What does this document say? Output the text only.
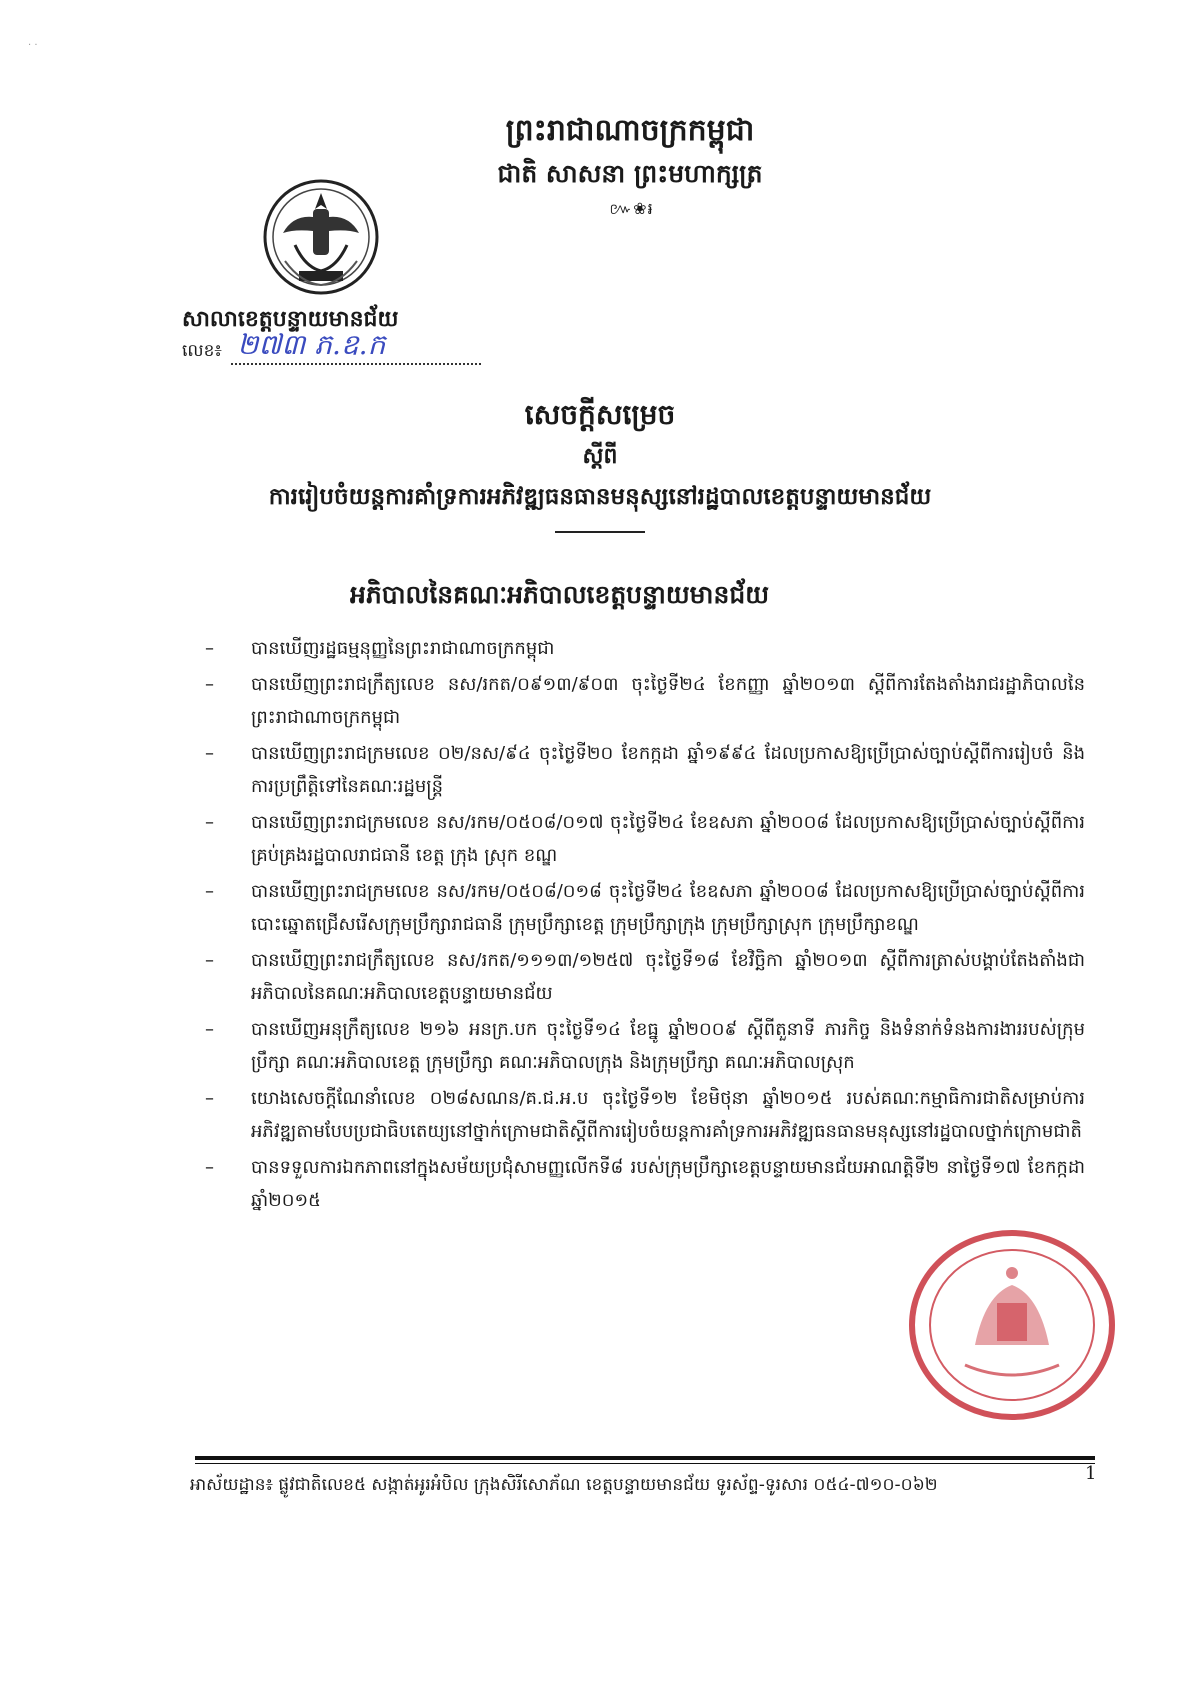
· ·
ព្រះរាជាណាចក្រកម្ពុជា
ជាតិ សាសនា ព្រះមហាក្សត្រ
៚ ❀ ៛
សាលាខេត្តបន្ទាយមានជ័យ
លេខ៖ ២៧៣ ភ.ឧ.ក
សេចក្តីសម្រេច
ស្តីពី
ការរៀបចំយន្តការគាំទ្រការអភិវឌ្ឍធនធានមនុស្សនៅរដ្ឋបាលខេត្តបន្ទាយមានជ័យ
អភិបាលនៃគណៈអភិបាលខេត្តបន្ទាយមានជ័យ
–	បានឃើញរដ្ឋធម្មនុញ្ញនៃព្រះរាជាណាចក្រកម្ពុជា
–	បានឃើញព្រះរាជក្រឹត្យលេខ នស/រកត/០៩១៣/៩០៣ ចុះថ្ងៃទី២៤ ខែកញ្ញា ឆ្នាំ២០១៣ ស្តីពីការតែងតាំងរាជរដ្ឋាភិបាលនៃព្រះរាជាណាចក្រកម្ពុជា
–	បានឃើញព្រះរាជក្រមលេខ ០២/នស/៩៤ ចុះថ្ងៃទី២០ ខែកក្កដា ឆ្នាំ១៩៩៤ ដែលប្រកាសឱ្យប្រើប្រាស់ច្បាប់ស្តីពីការរៀបចំ និងការប្រព្រឹត្តិទៅនៃគណៈរដ្ឋមន្ត្រី
–	បានឃើញព្រះរាជក្រមលេខ នស/រកម/០៥០៨/០១៧ ចុះថ្ងៃទី២៤ ខែឧសភា ឆ្នាំ២០០៨ ដែលប្រកាសឱ្យប្រើប្រាស់ច្បាប់ស្តីពីការគ្រប់គ្រងរដ្ឋបាលរាជធានី ខេត្ត ក្រុង ស្រុក ខណ្ឌ
–	បានឃើញព្រះរាជក្រមលេខ នស/រកម/០៥០៨/០១៨ ចុះថ្ងៃទី២៤ ខែឧសភា ឆ្នាំ២០០៨ ដែលប្រកាសឱ្យប្រើប្រាស់ច្បាប់ស្តីពីការបោះឆ្នោតជ្រើសរើសក្រុមប្រឹក្សារាជធានី ក្រុមប្រឹក្សាខេត្ត ក្រុមប្រឹក្សាក្រុង ក្រុមប្រឹក្សាស្រុក ក្រុមប្រឹក្សាខណ្ឌ
–	បានឃើញព្រះរាជក្រឹត្យលេខ នស/រកត/១១១៣/១២៥៧ ចុះថ្ងៃទី១៨ ខែវិច្ឆិកា ឆ្នាំ២០១៣ ស្តីពីការត្រាស់បង្គាប់តែងតាំងជាអភិបាលនៃគណៈអភិបាលខេត្តបន្ទាយមានជ័យ
–	បានឃើញអនុក្រឹត្យលេខ ២១៦ អនក្រ.បក ចុះថ្ងៃទី១៤ ខែធ្នូ ឆ្នាំ២០០៩ ស្តីពីតួនាទី ភារកិច្ច និងទំនាក់ទំនងការងាររបស់ក្រុមប្រឹក្សា គណៈអភិបាលខេត្ត ក្រុមប្រឹក្សា គណៈអភិបាលក្រុង និងក្រុមប្រឹក្សា គណៈអភិបាលស្រុក
–	យោងសេចក្តីណែនាំលេខ ០២៨សណន/គ.ជ.អ.ប ចុះថ្ងៃទី១២ ខែមិថុនា ឆ្នាំ២០១៥ របស់គណៈកម្មាធិការជាតិសម្រាប់ការអភិវឌ្ឍតាមបែបប្រជាធិបតេយ្យនៅថ្នាក់ក្រោមជាតិស្តីពីការរៀបចំយន្តការគាំទ្រការអភិវឌ្ឍធនធានមនុស្សនៅរដ្ឋបាលថ្នាក់ក្រោមជាតិ
–	បានទទួលការឯកភាពនៅក្នុងសម័យប្រជុំសាមញ្ញលើកទី៨ របស់ក្រុមប្រឹក្សាខេត្តបន្ទាយមានជ័យអាណត្តិទី២ នាថ្ងៃទី១៧ ខែកក្កដា ឆ្នាំ២០១៥
អាស័យដ្ឋាន៖ ផ្លូវជាតិលេខ៥ សង្កាត់អូរអំបិល ក្រុងសិរីសោភ័ណ ខេត្តបន្ទាយមានជ័យ ទូរស័ព្ទ-ទូរសារ ០៥៤-៧១០-០៦២
1
